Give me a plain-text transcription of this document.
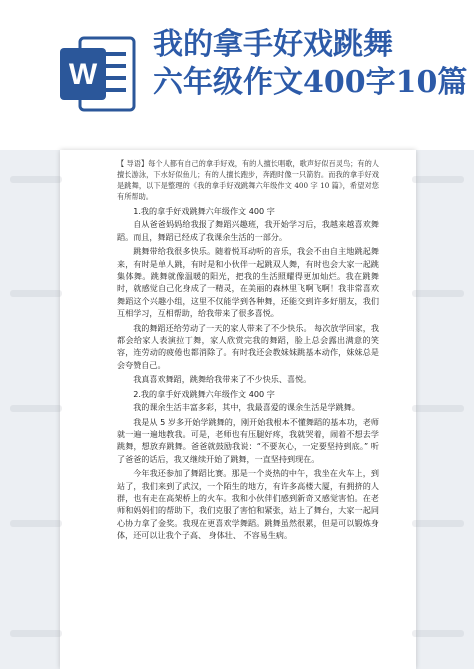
W
我的拿手好戏跳舞
六年级作文400字10篇

【 导语】每个人都有自己的拿手好戏，有的人擅长唱歌，歌声好似百灵鸟；有的人擅长游泳，下水好似鱼儿；有的人擅长跑步，奔跑时像一只箭豹。而我的拿手好戏是跳舞，以下是整理的《我的拿手好戏跳舞六年级作文 400 字 10 篇》，希望对您有所帮助。

1.我的拿手好戏跳舞六年级作文 400 字

自从爸爸妈妈给我报了舞蹈兴趣班，我开始学习后，我越来越喜欢舞蹈。而且，舞蹈已经成了我课余生活的一部分。

跳舞带给我很多快乐。随着悦耳动听的音乐，我会不由自主地跳起舞来，有时是单人跳，有时是和小伙伴一起跳双人舞，有时也会大家一起跳集体舞。跳舞就像温暖的阳光，把我的生活照耀得更加灿烂。我在跳舞时，就感觉自己化身成了一精灵，在美丽的森林里飞啊飞啊！我非常喜欢舞蹈这个兴趣小组，这里不仅能学到各种舞，还能交到许多好朋友，我们互相学习，互相帮助，给我带来了很多喜悦。

我的舞蹈还给劳动了一天的家人带来了不少快乐。 每次放学回家，我都会给家人表演拉丁舞，家人欣赏完我的舞蹈，脸上总会露出满意的笑容，连劳动的疲倦也都消除了。有时我还会教妹妹跳基本动作，妹妹总是会夸赞自己。

我真喜欢舞蹈，跳舞给我带来了不少快乐、喜悦。

2.我的拿手好戏跳舞六年级作文 400 字

我的课余生活丰富多彩，其中，我最喜爱的课余生活是学跳舞。

我是从 5 岁多开始学跳舞的，刚开始我根本不懂舞蹈的基本功，老师就一遍一遍地教我。可是，老师也有压腿好疼，我就哭着，闹着不想去学跳舞，想放弃跳舞。爸爸就鼓励我说：“不要灰心，一定要坚持到底。” 听了爸爸的话后，我又继续开始了跳舞，一直坚持到现在。

今年我还参加了舞蹈比赛。那是一个炎热的中午，我坐在火车上，到站了，我们来到了武汉，一个陌生的地方，有许多高楼大厦，有拥挤的人群，也有走在高架桥上的火车。我和小伙伴们感到新奇又感觉害怕。在老师和妈妈们的帮助下，我们克服了害怕和紧张，站上了舞台，大家一起同心协力拿了金奖。我现在更喜欢学舞蹈。跳舞虽然很累，但是可以锻炼身体，还可以让我个子高、 身体壮、 不容易生病。
